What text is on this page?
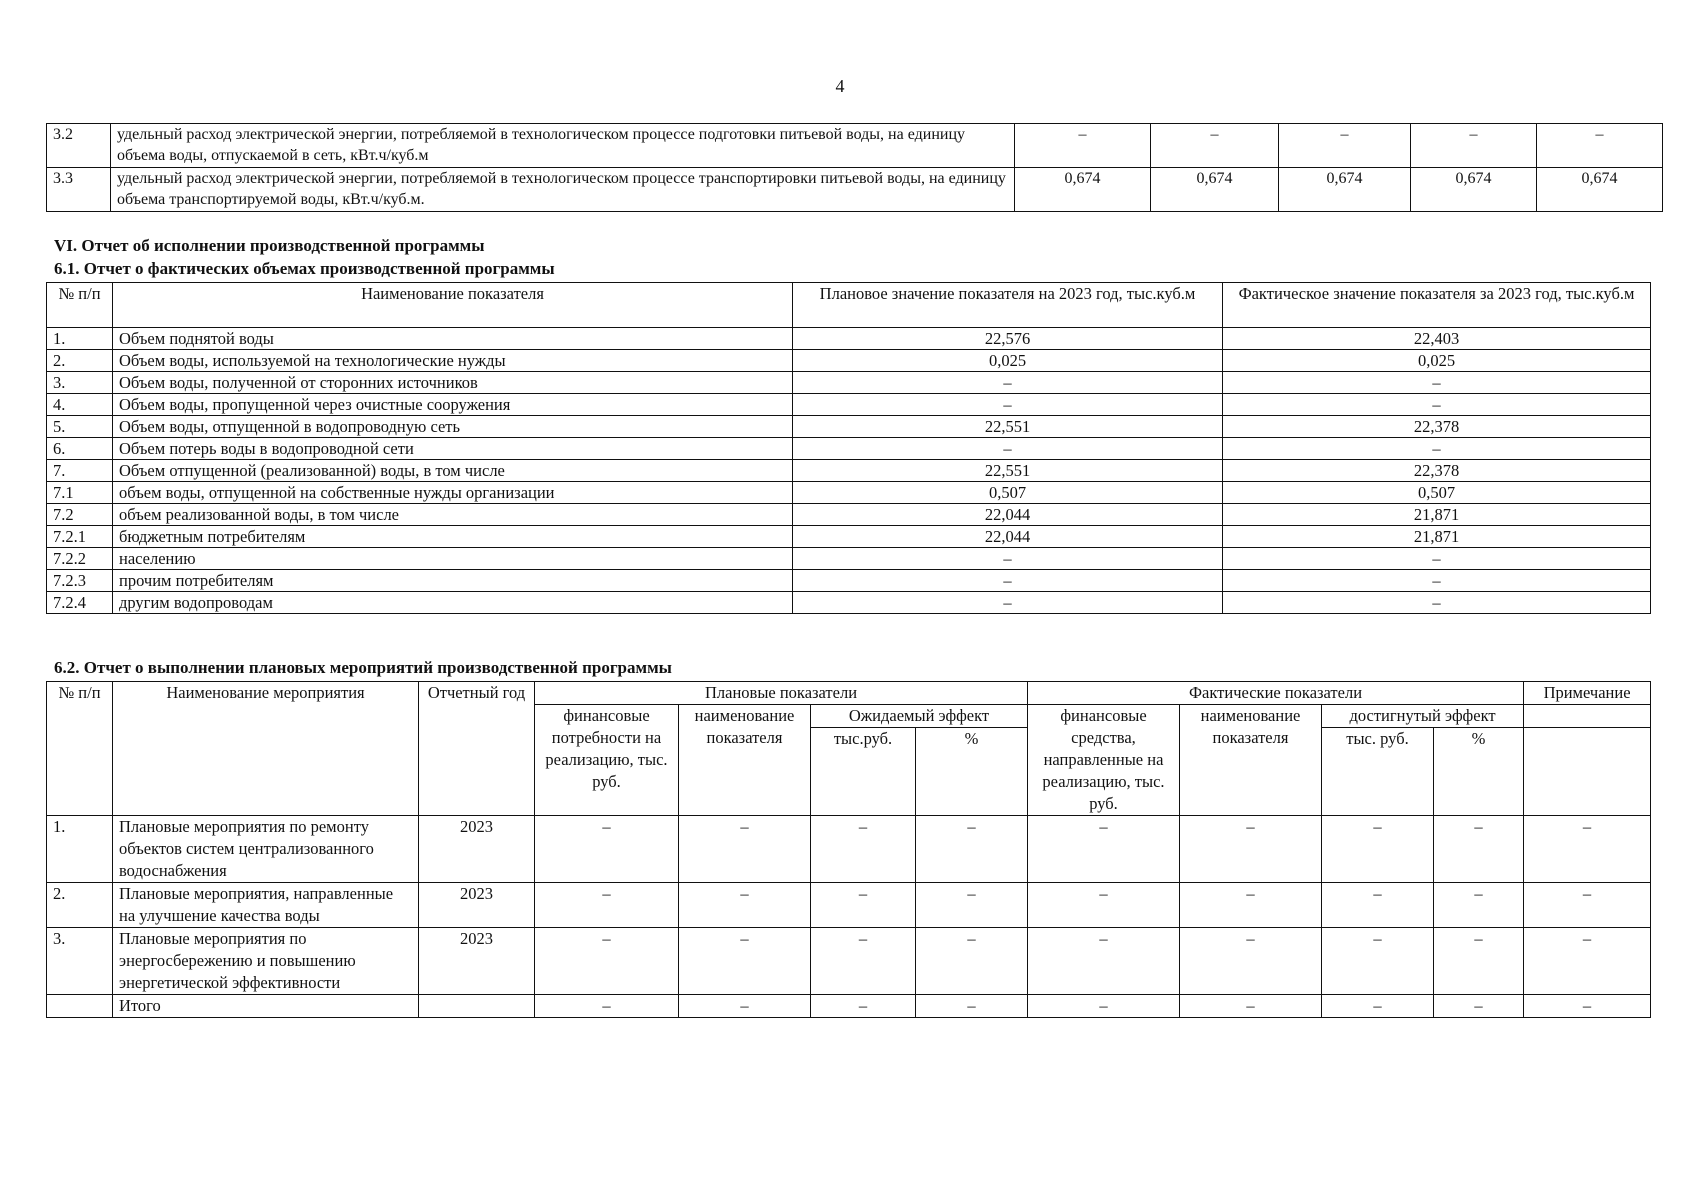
4
3.2	удельный расход электрической энергии, потребляемой в технологическом процессе подготовки питьевой воды, на единицу объема воды, отпускаемой в сеть, кВт.ч/куб.м	–	–	–	–	–
3.3	удельный расход электрической энергии, потребляемой в технологическом процессе транспортировки питьевой воды, на единицу объема транспортируемой воды, кВт.ч/куб.м.	0,674	0,674	0,674	0,674	0,674
VI. Отчет об исполнении производственной программы
6.1. Отчет о фактических объемах производственной программы
№ п/п	Наименование показателя	Плановое значение показателя на 2023 год, тыс.куб.м	Фактическое значение показателя за 2023 год, тыс.куб.м
1.	Объем поднятой воды	22,576	22,403
2.	Объем воды, используемой на технологические нужды	0,025	0,025
3.	Объем воды, полученной от сторонних источников	–	–
4.	Объем воды, пропущенной через очистные сооружения	–	–
5.	Объем воды, отпущенной в водопроводную сеть	22,551	22,378
6.	Объем потерь воды в водопроводной сети	–	–
7.	Объем отпущенной (реализованной) воды, в том числе	22,551	22,378
7.1	объем воды, отпущенной на собственные нужды организации	0,507	0,507
7.2	объем реализованной воды, в том числе	22,044	21,871
7.2.1	бюджетным потребителям	22,044	21,871
7.2.2	населению	–	–
7.2.3	прочим потребителям	–	–
7.2.4	другим водопроводам	–	–
6.2. Отчет о выполнении плановых мероприятий производственной программы
№ п/п	Наименование мероприятия	Отчетный год	Плановые показатели				Фактические показатели				Примечание
			финансовые потребности на реализацию, тыс. руб.	наименование показателя	Ожидаемый эффект		финансовые средства, направленные на реализацию, тыс. руб.	наименование показателя	достигнутый эффект		
					тыс.руб.	%			тыс. руб.	%	
1.	Плановые мероприятия по ремонту объектов систем централизованного водоснабжения	2023	–	–	–	–	–	–	–	–	–
2.	Плановые мероприятия, направленные на улучшение качества воды	2023	–	–	–	–	–	–	–	–	–
3.	Плановые мероприятия по энергосбережению и повышению энергетической эффективности	2023	–	–	–	–	–	–	–	–	–
	Итого		–	–	–	–	–	–	–	–	–
